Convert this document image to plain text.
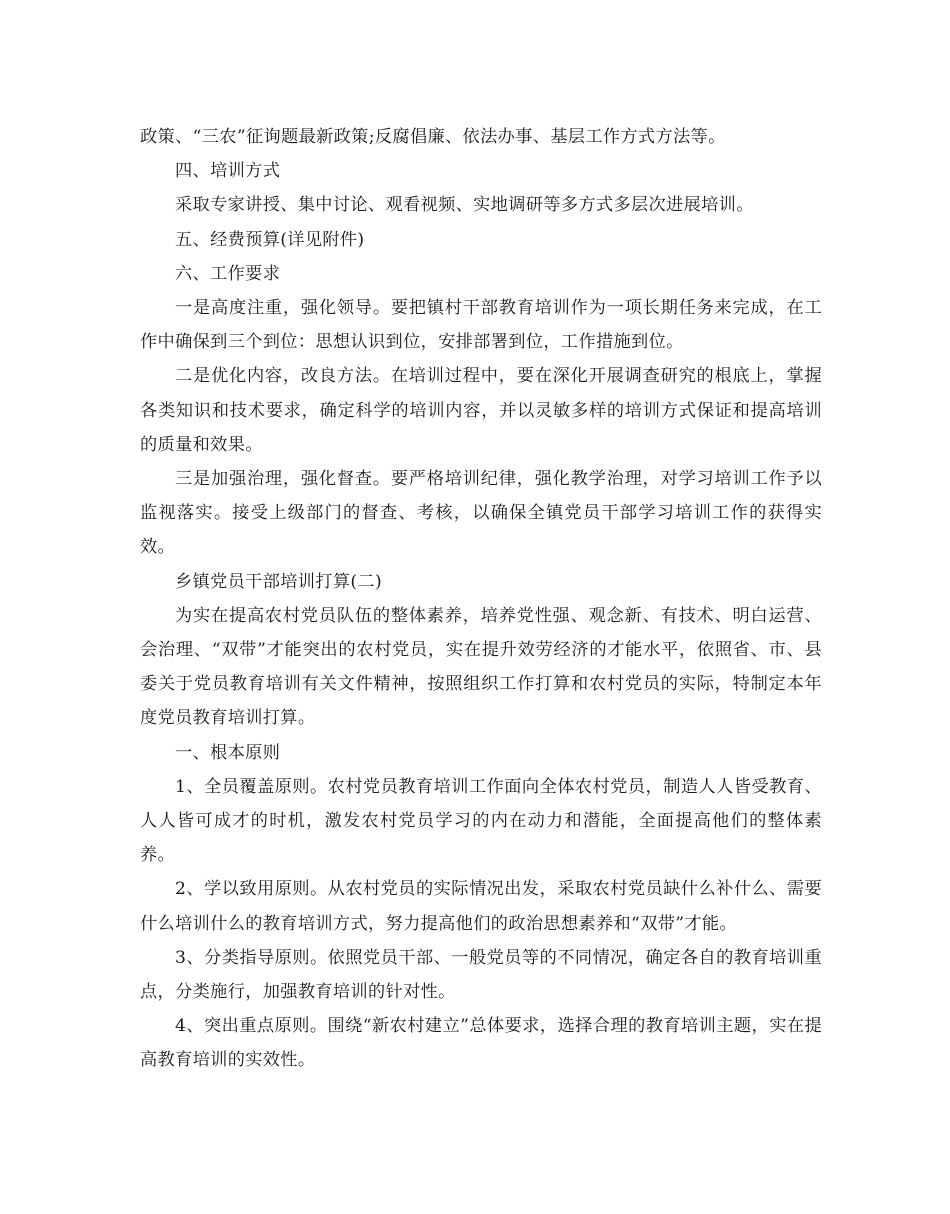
政策、“三农”征询题最新政策;反腐倡廉、依法办事、基层工作方式方法等。

四、培训方式

采取专家讲授、集中讨论、观看视频、实地调研等多方式多层次进展培训。

五、经费预算(详见附件)

六、工作要求

一是高度注重，强化领导。要把镇村干部教育培训作为一项长期任务来完成，在工作中确保到三个到位：思想认识到位，安排部署到位，工作措施到位。

二是优化内容，改良方法。在培训过程中，要在深化开展调查研究的根底上，掌握各类知识和技术要求，确定科学的培训内容，并以灵敏多样的培训方式保证和提高培训的质量和效果。

三是加强治理，强化督查。要严格培训纪律，强化教学治理，对学习培训工作予以监视落实。接受上级部门的督查、考核，以确保全镇党员干部学习培训工作的获得实效。

乡镇党员干部培训打算(二)

为实在提高农村党员队伍的整体素养，培养党性强、观念新、有技术、明白运营、会治理、“双带”才能突出的农村党员，实在提升效劳经济的才能水平，依照省、市、县委关于党员教育培训有关文件精神，按照组织工作打算和农村党员的实际，特制定本年度党员教育培训打算。

一、根本原则

1、全员覆盖原则。农村党员教育培训工作面向全体农村党员，制造人人皆受教育、人人皆可成才的时机，激发农村党员学习的内在动力和潜能，全面提高他们的整体素养。

2、学以致用原则。从农村党员的实际情况出发，采取农村党员缺什么补什么、需要什么培训什么的教育培训方式，努力提高他们的政治思想素养和“双带”才能。

3、分类指导原则。依照党员干部、一般党员等的不同情况，确定各自的教育培训重点，分类施行，加强教育培训的针对性。

4、突出重点原则。围绕“新农村建立”总体要求，选择合理的教育培训主题，实在提高教育培训的实效性。
